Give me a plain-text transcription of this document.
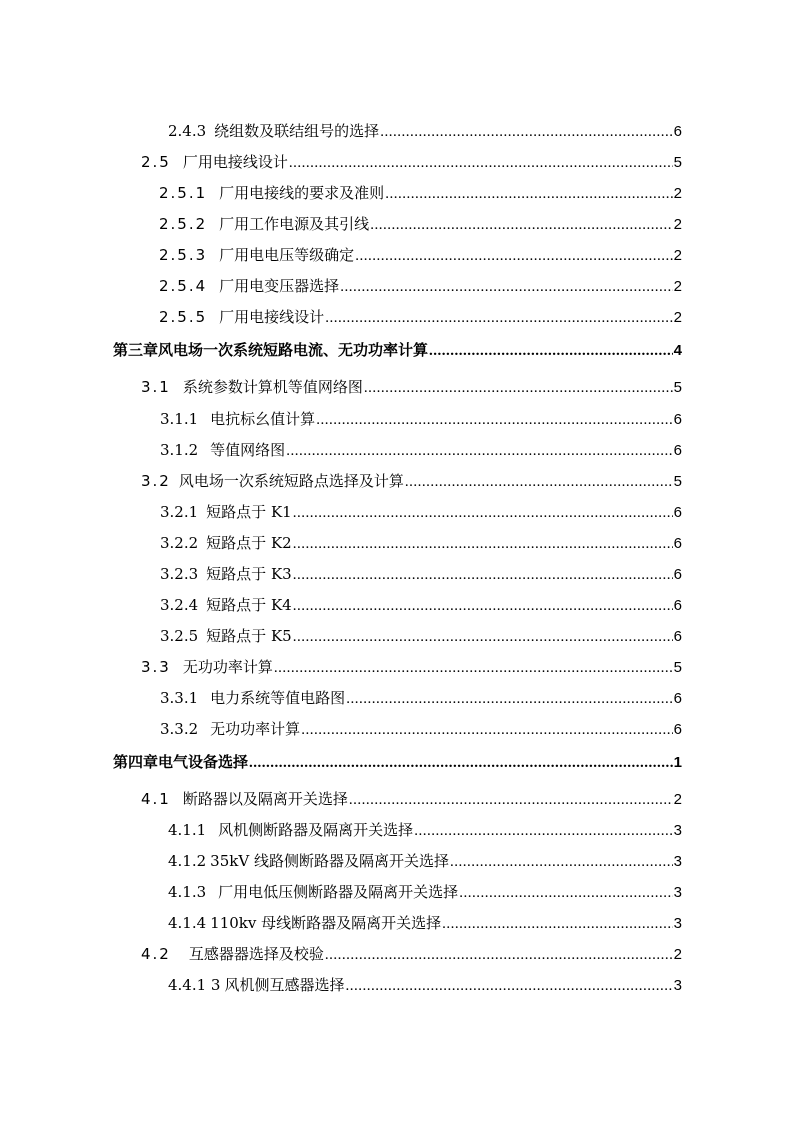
2.4.3 绕组数及联结组号的选择 .....	6
2.5 厂用电接线设计 .....	5
2.5.1 厂用电接线的要求及准则 .....	2
2.5.2 厂用工作电源及其引线 .....	2
2.5.3 厂用电电压等级确定 .....	2
2.5.4 厂用电变压器选择 .....	2
2.5.5 厂用电接线设计 .....	2
第三章风电场一次系统短路电流、无功功率计算 .....	4
3.1 系统参数计算机等值网络图 .....	5
3.1.1 电抗标幺值计算 .....	6
3.1.2 等值网络图 .....	6
3.2 风电场一次系统短路点选择及计算 .....	5
3.2.1 短路点于 K1 .....	6
3.2.2 短路点于 K2 .....	6
3.2.3 短路点于 K3 .....	6
3.2.4 短路点于 K4 .....	6
3.2.5 短路点于 K5 .....	6
3.3 无功功率计算 .....	5
3.3.1 电力系统等值电路图 .....	6
3.3.2 无功功率计算 .....	6
第四章电气设备选择 .....	1
4.1 断路器以及隔离开关选择 .....	2
4.1.1 风机侧断路器及隔离开关选择 .....	3
4.1.2 35kV 线路侧断路器及隔离开关选择 .....	3
4.1.3 厂用电低压侧断路器及隔离开关选择 .....	3
4.1.4 110kv 母线断路器及隔离开关选择 .....	3
4.2 互感器器选择及校验 .....	2
4.4.1 3 风机侧互感器选择 .....	3
